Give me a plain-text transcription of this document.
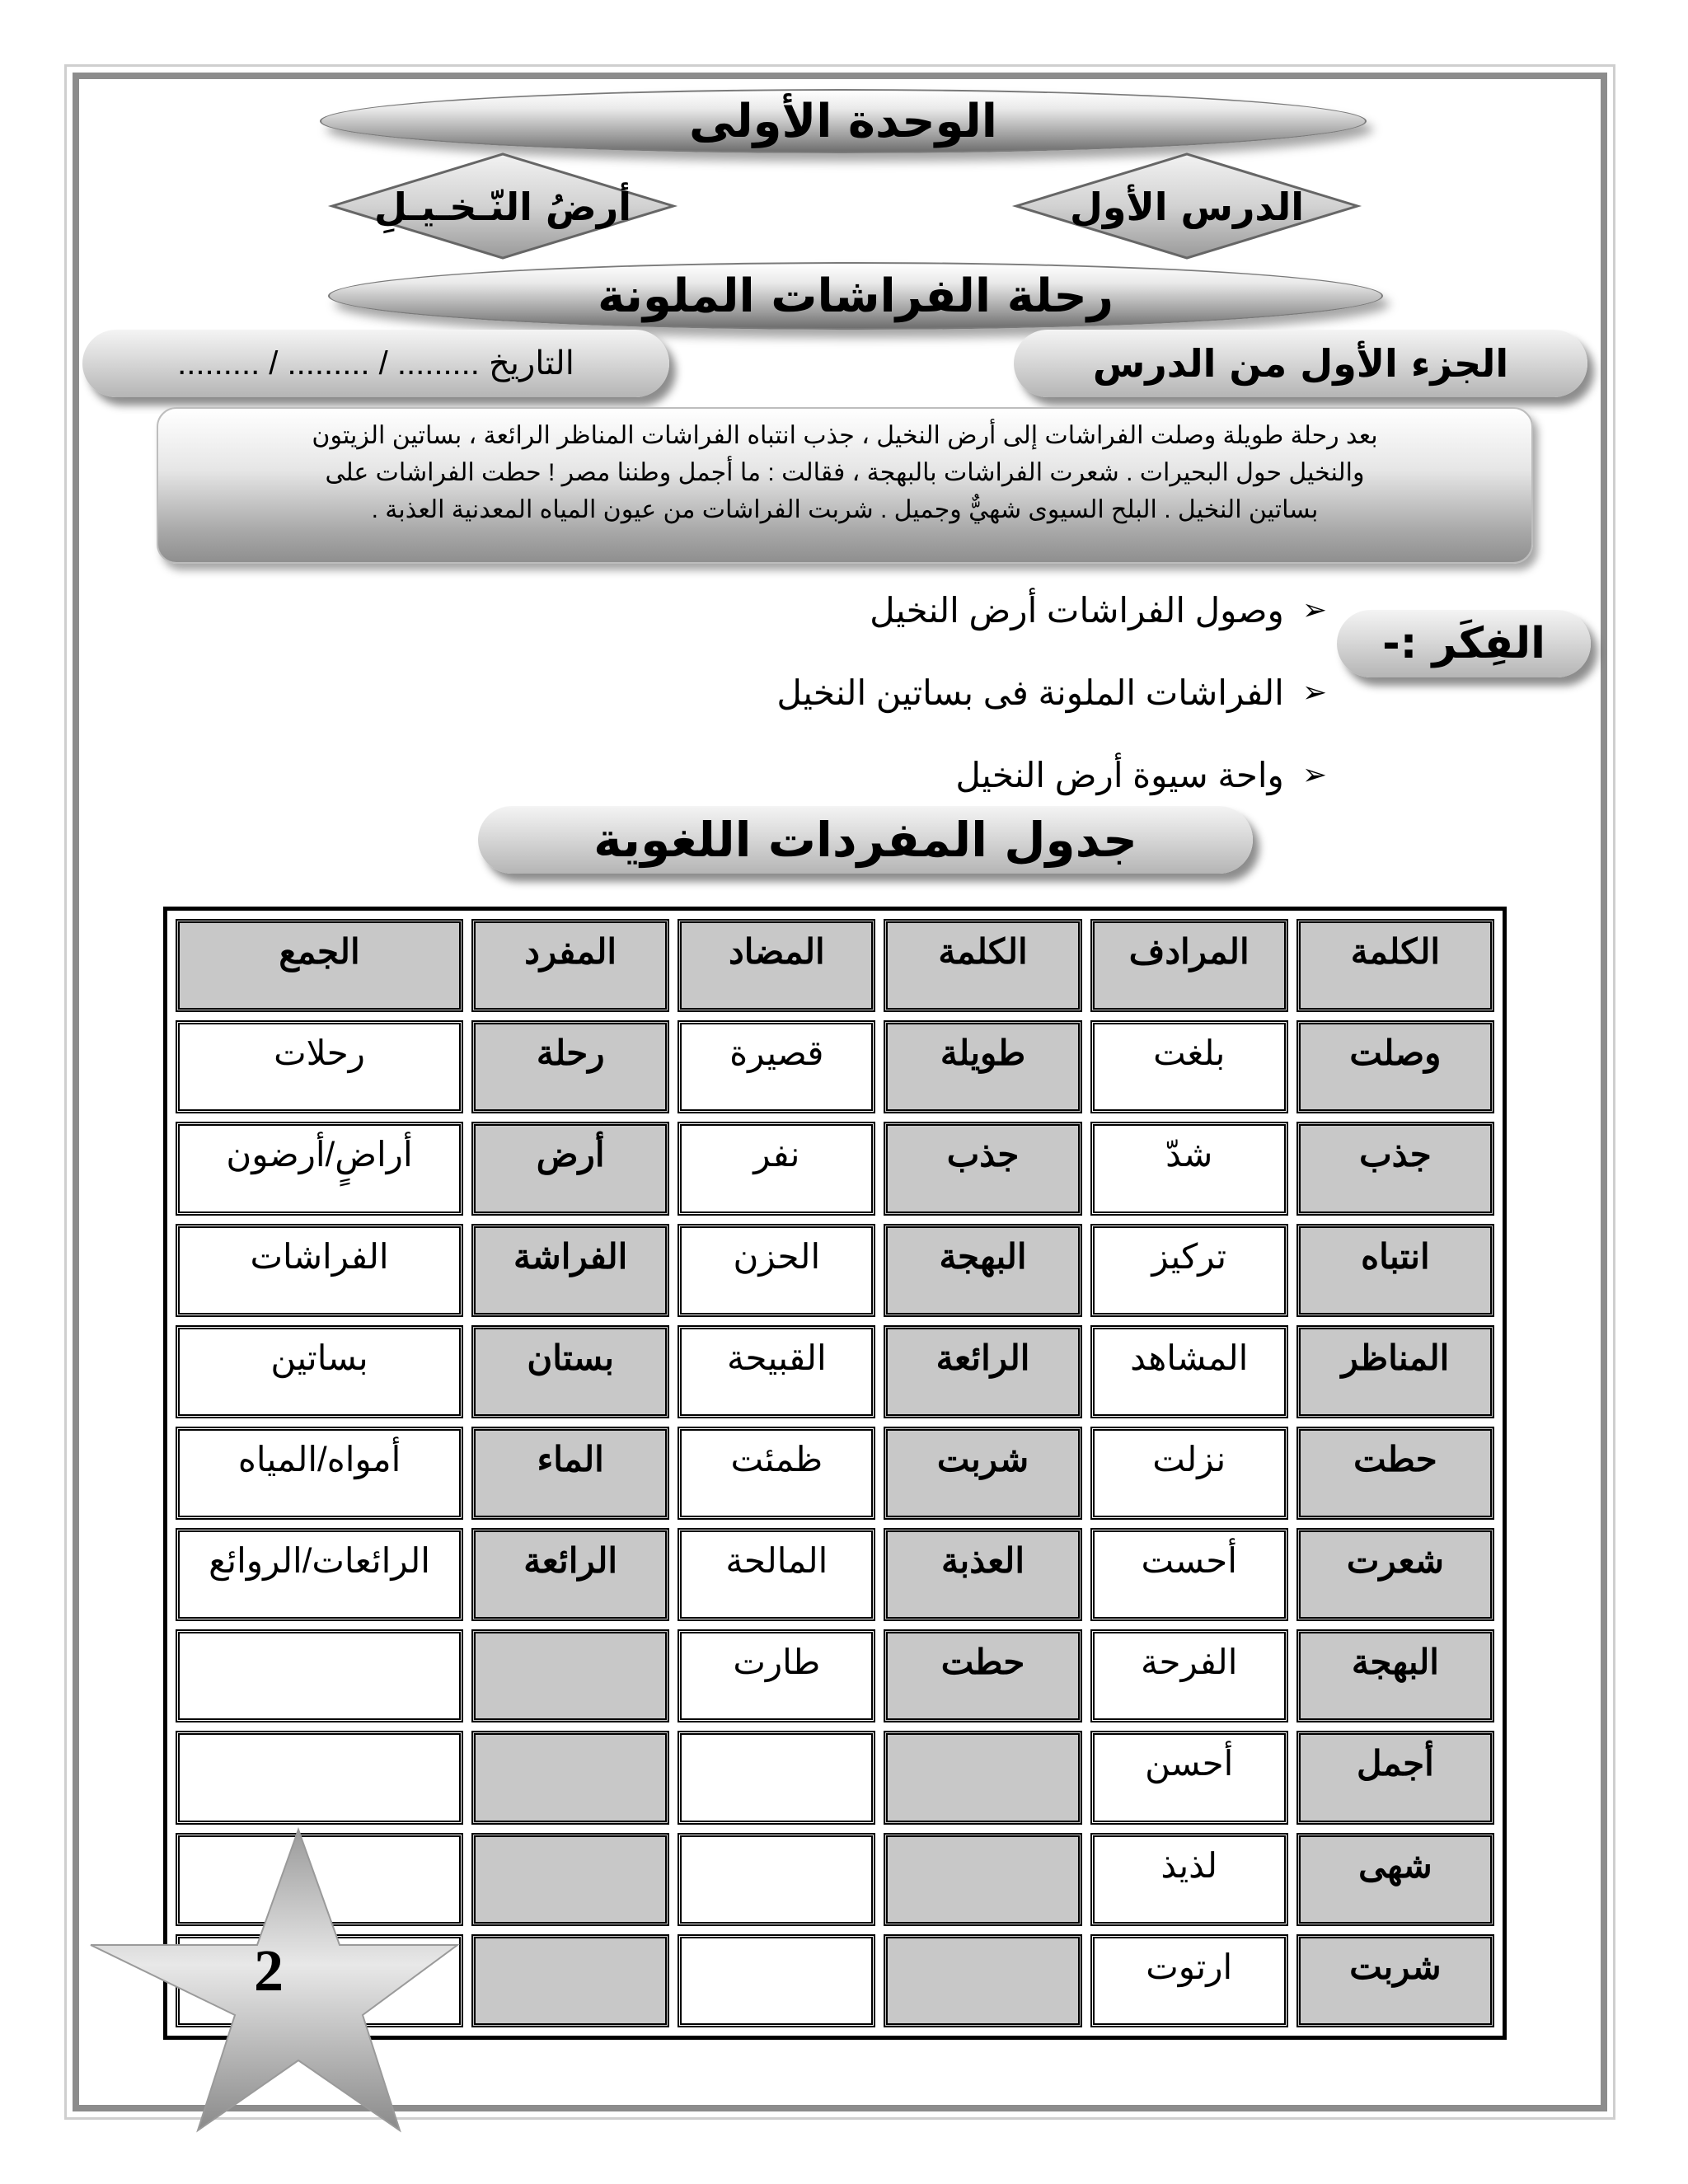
الوحدة الأولى
أرضُ النّـخـيـلِ	الدرس الأول
رحلة الفراشات الملونة
التاريخ ......... / ......... / .........	الجزء الأول من الدرس
بعد رحلة طويلة وصلت الفراشات إلى أرض النخيل ، جذب انتباه الفراشات المناظر الرائعة ، بساتين الزيتون
والنخيل حول البحيرات . شعرت الفراشات بالبهجة ، فقالت : ما أجمل وطننا مصر ! حطت الفراشات على
بساتين النخيل . البلح السيوى شهيٌّ وجميل . شربت الفراشات من عيون المياه المعدنية العذبة .
الفِكَر :-
➢
وصول الفراشات أرض النخيل
➢
الفراشات الملونة فى بساتين النخيل
➢
واحة سيوة أرض النخيل
جدول المفردات اللغوية
الكلمة	المرادف	الكلمة	المضاد	المفرد	الجمع
وصلت	بلغت	طويلة	قصيرة	رحلة	رحلات
جذب	شدّ	جذب	نفر	أرض	أراضٍ/أرضون
انتباه	تركيز	البهجة	الحزن	الفراشة	الفراشات
المناظر	المشاهد	الرائعة	القبيحة	بستان	بساتين
حطت	نزلت	شربت	ظمئت	الماء	أمواه/المياه
شعرت	أحست	العذبة	المالحة	الرائعة	الرائعات/الروائع
البهجة	الفرحة	حطت	طارت		
أجمل	أحسن				
شهى	لذيذ				
شربت	ارتوت				
2
